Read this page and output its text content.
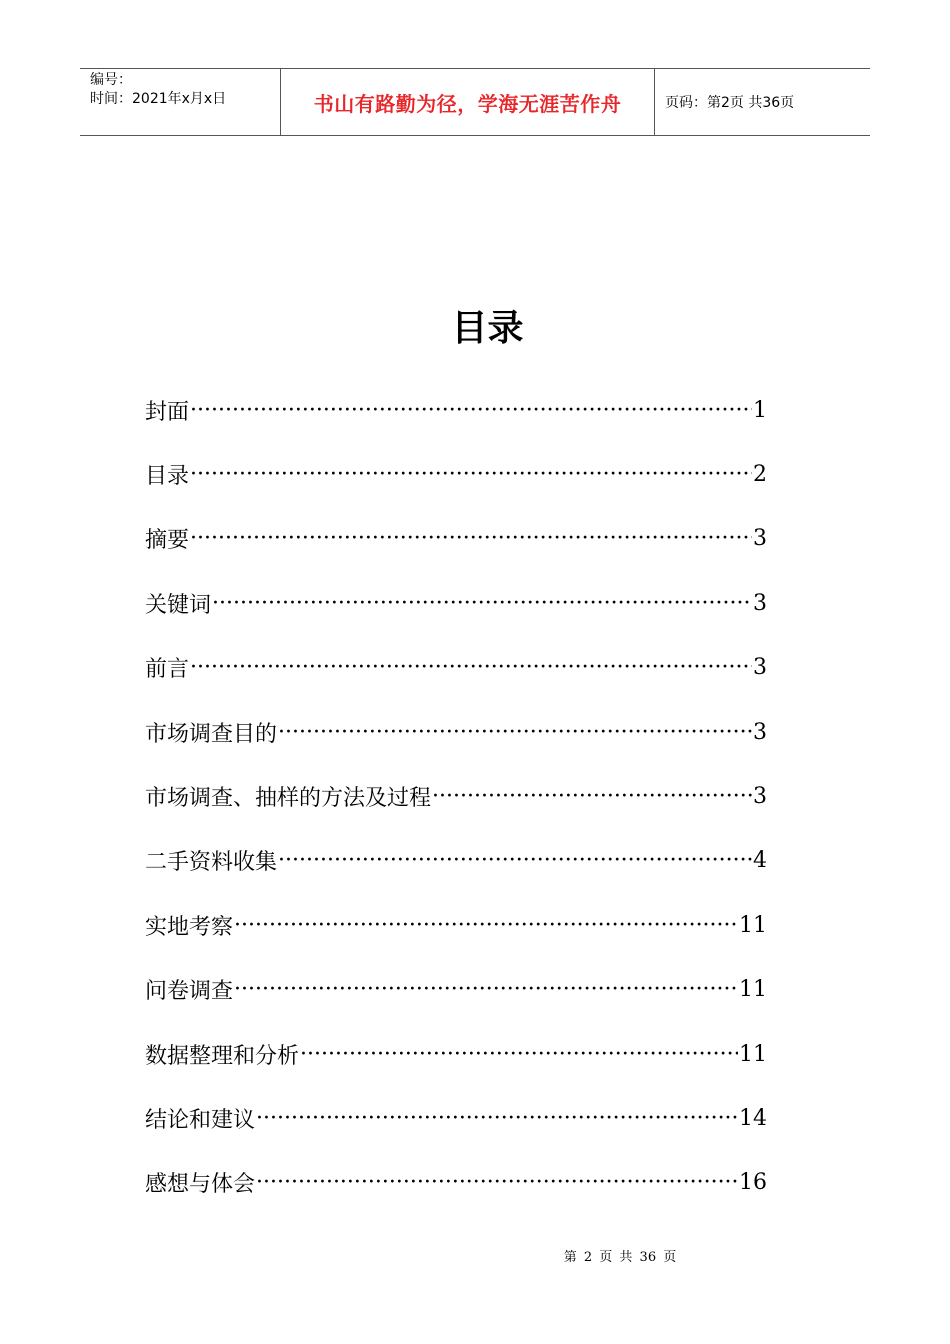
编号：
时间：2021年x月x日	书山有路勤为径，学海无涯苦作舟	页码：第2页 共36页
目录
封面 ·····	1
目录 ·····	2
摘要 ·····	3
关键词 ·····	3
前言 ·····	3
市场调查目的 ·····	3
市场调查、抽样的方法及过程 ·····	3
二手资料收集 ·····	4
实地考察 ·····	11
问卷调查 ·····	11
数据整理和分析 ·····	11
结论和建议 ·····	14
感想与体会 ·····	16
第 2 页 共 36 页
